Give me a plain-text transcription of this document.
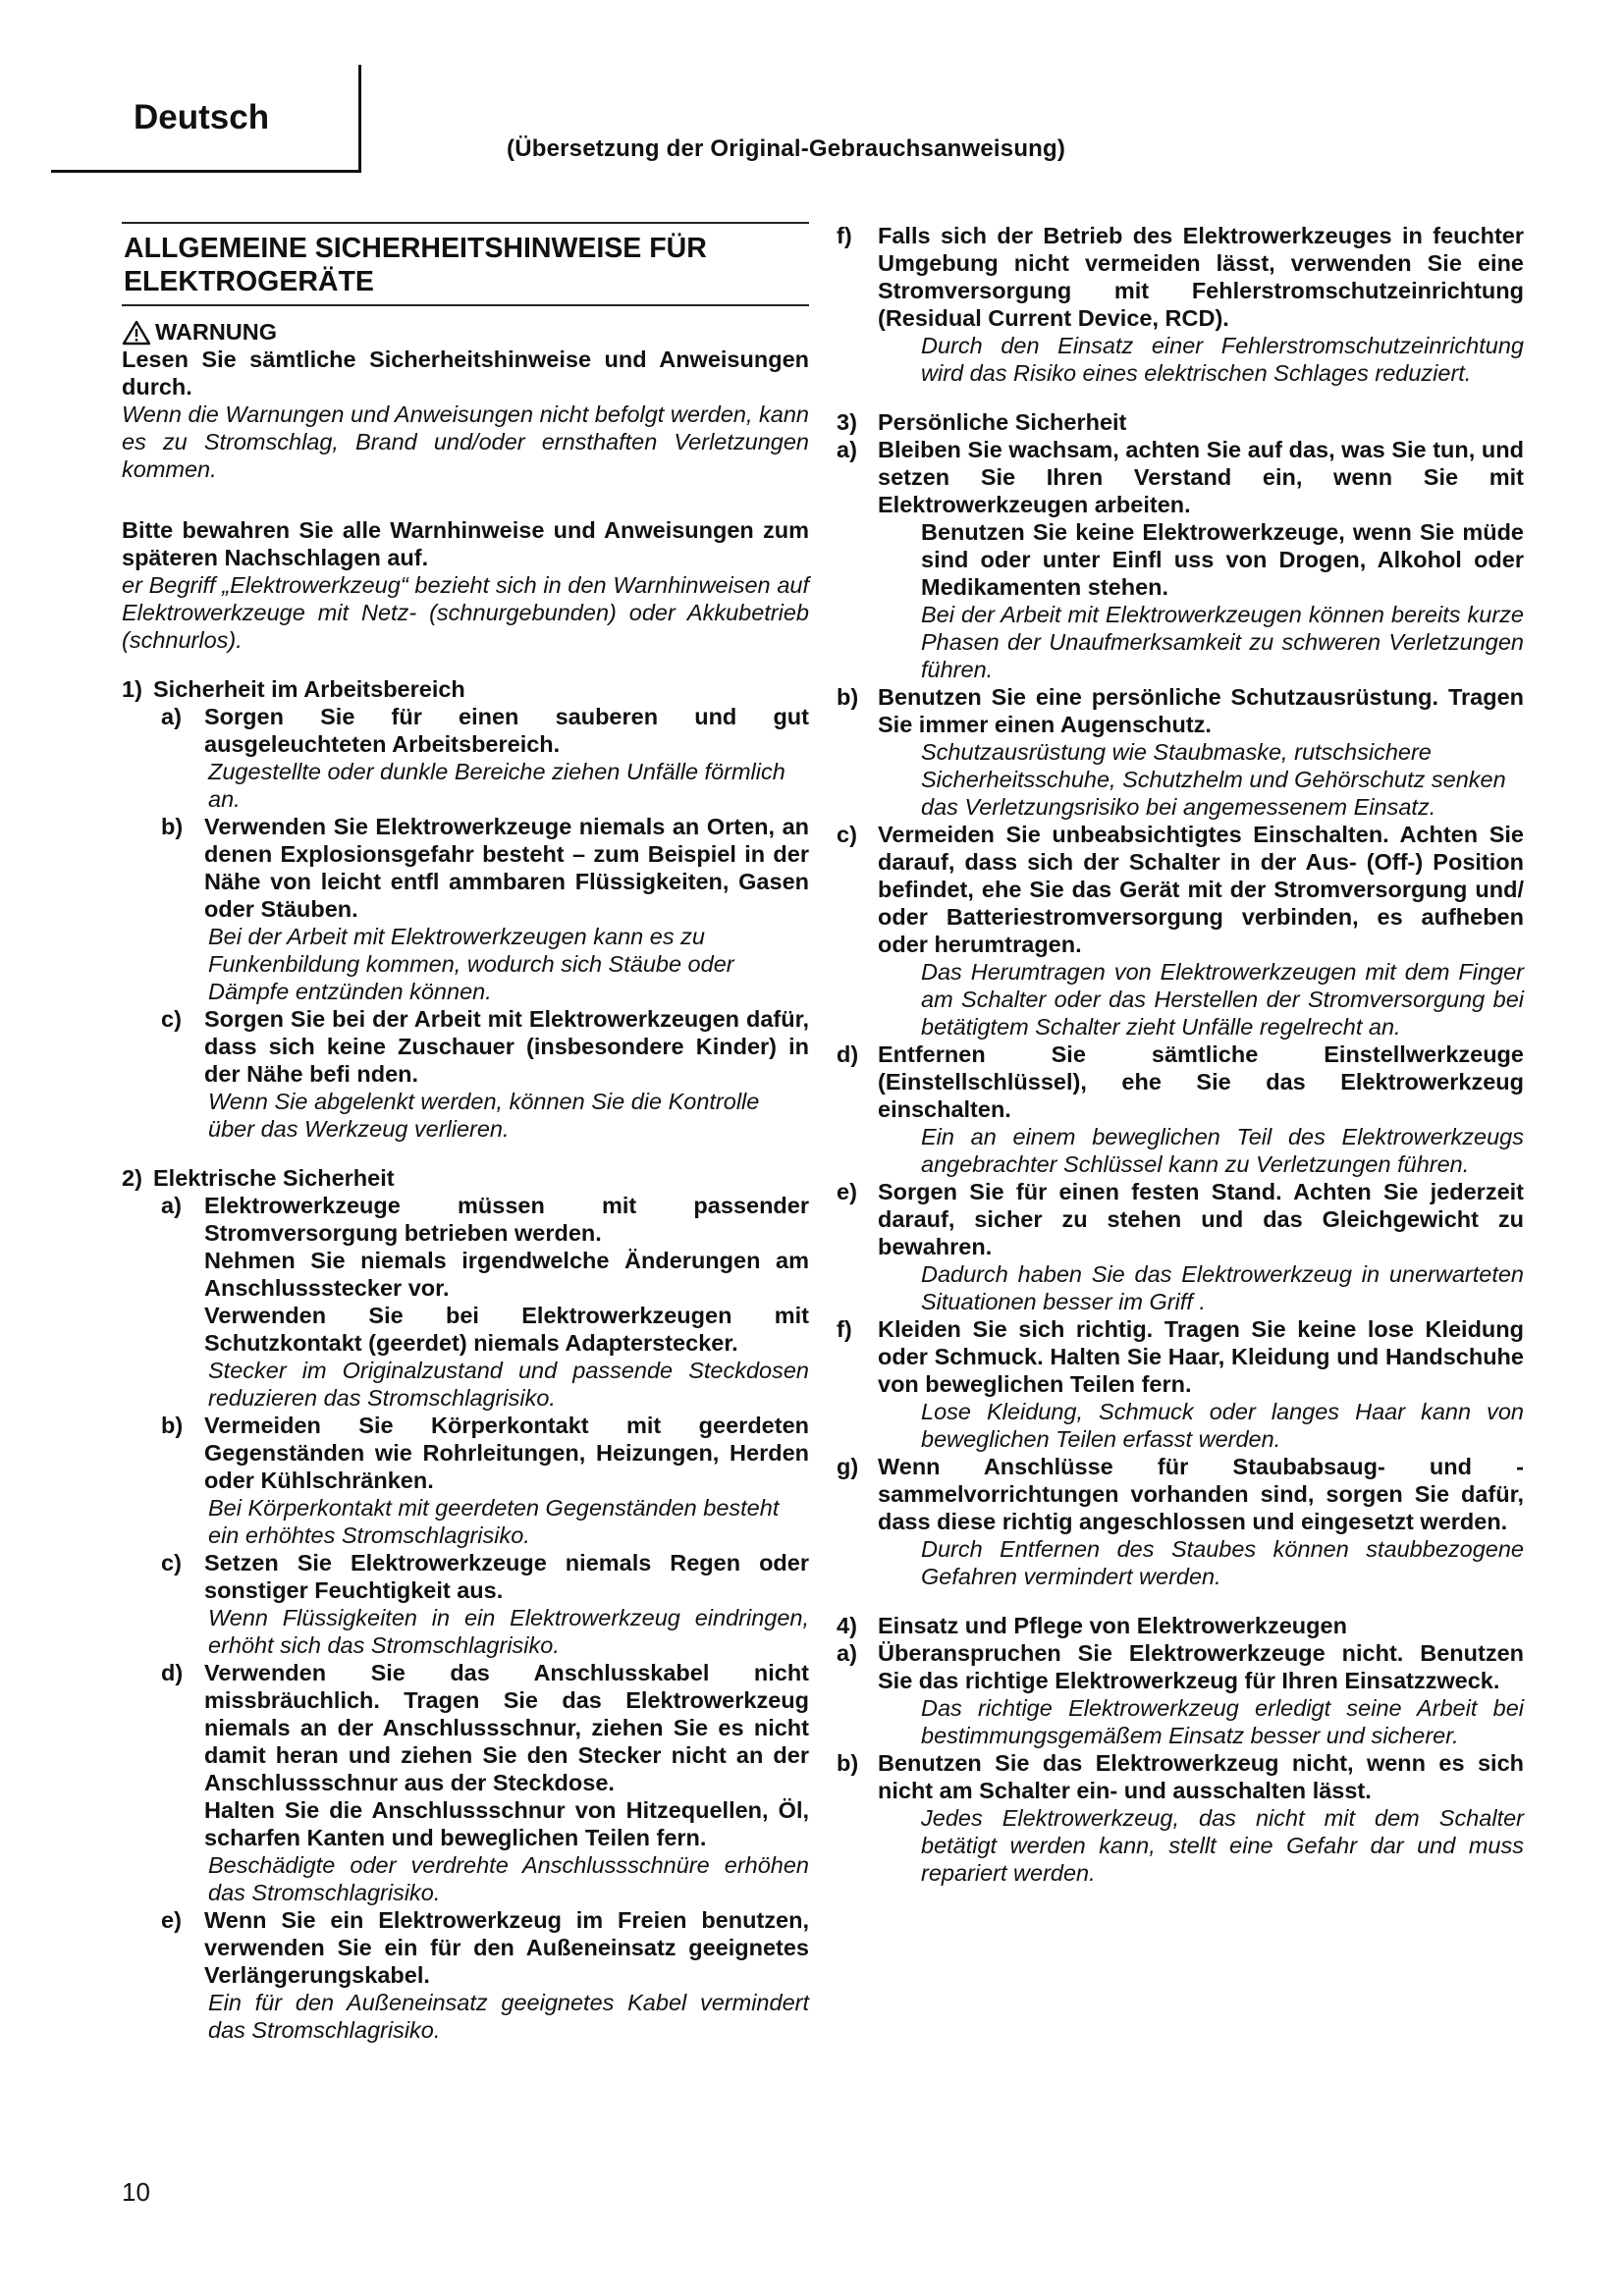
Deutsch
(Übersetzung der Original-Gebrauchsanweisung)
ALLGEMEINE SICHERHEITSHINWEISE FÜR ELEKTROGERÄTE
WARNUNG
Lesen Sie sämtliche Sicherheitshinweise und Anweisungen durch.
Wenn die Warnungen und Anweisungen nicht befolgt werden, kann es zu Stromschlag, Brand und/oder ernsthaften Verletzungen kommen.
Bitte bewahren Sie alle Warnhinweise und Anweisungen zum späteren Nachschlagen auf.
er Begriff „Elektrowerkzeug“ bezieht sich in den Warnhinweisen auf Elektrowerkzeuge mit Netz- (schnurgebunden) oder Akkubetrieb (schnurlos).
1) Sicherheit im Arbeitsbereich
a) Sorgen Sie für einen sauberen und gut ausgeleuchteten Arbeitsbereich.
Zugestellte oder dunkle Bereiche ziehen Unfälle förmlich an.
b) Verwenden Sie Elektrowerkzeuge niemals an Orten, an denen Explosionsgefahr besteht – zum Beispiel in der Nähe von leicht entfl ammbaren Flüssigkeiten, Gasen oder Stäuben.
Bei der Arbeit mit Elektrowerkzeugen kann es zu Funkenbildung kommen, wodurch sich Stäube oder Dämpfe entzünden können.
c) Sorgen Sie bei der Arbeit mit Elektrowerkzeugen dafür, dass sich keine Zuschauer (insbesondere Kinder) in der Nähe befi nden.
Wenn Sie abgelenkt werden, können Sie die Kontrolle über das Werkzeug verlieren.
2) Elektrische Sicherheit
a) Elektrowerkzeuge müssen mit passender Stromversorgung betrieben werden.
Nehmen Sie niemals irgendwelche Änderungen am Anschlussstecker vor.
Verwenden Sie bei Elektrowerkzeugen mit Schutzkontakt (geerdet) niemals Adapterstecker.
Stecker im Originalzustand und passende Steckdosen reduzieren das Stromschlagrisiko.
b) Vermeiden Sie Körperkontakt mit geerdeten Gegenständen wie Rohrleitungen, Heizungen, Herden oder Kühlschränken.
Bei Körperkontakt mit geerdeten Gegenständen besteht ein erhöhtes Stromschlagrisiko.
c) Setzen Sie Elektrowerkzeuge niemals Regen oder sonstiger Feuchtigkeit aus.
Wenn Flüssigkeiten in ein Elektrowerkzeug eindringen, erhöht sich das Stromschlagrisiko.
d) Verwenden Sie das Anschlusskabel nicht missbräuchlich. Tragen Sie das Elektrowerkzeug niemals an der Anschlussschnur, ziehen Sie es nicht damit heran und ziehen Sie den Stecker nicht an der Anschlussschnur aus der Steckdose.
Halten Sie die Anschlussschnur von Hitzequellen, Öl, scharfen Kanten und beweglichen Teilen fern.
Beschädigte oder verdrehte Anschlussschnüre erhöhen das Stromschlagrisiko.
e) Wenn Sie ein Elektrowerkzeug im Freien benutzen, verwenden Sie ein für den Außeneinsatz geeignetes Verlängerungskabel.
Ein für den Außeneinsatz geeignetes Kabel vermindert das Stromschlagrisiko.
f)	Falls sich der Betrieb des Elektrowerkzeuges in feuchter Umgebung nicht vermeiden lässt, verwenden Sie eine Stromversorgung mit Fehlerstromschutzeinrichtung (Residual Current Device, RCD).
Durch den Einsatz einer Fehlerstromschutzeinrichtung wird das Risiko eines elektrischen Schlages reduziert.
3) Persönliche Sicherheit
a) Bleiben Sie wachsam, achten Sie auf das, was Sie tun, und setzen Sie Ihren Verstand ein, wenn Sie mit Elektrowerkzeugen arbeiten.
Benutzen Sie keine Elektrowerkzeuge, wenn Sie müde sind oder unter Einfl uss von Drogen, Alkohol oder Medikamenten stehen.
Bei der Arbeit mit Elektrowerkzeugen können bereits kurze Phasen der Unaufmerksamkeit zu schweren Verletzungen führen.
b) Benutzen Sie eine persönliche Schutzausrüstung. Tragen Sie immer einen Augenschutz.
Schutzausrüstung wie Staubmaske, rutschsichere Sicherheitsschuhe, Schutzhelm und Gehörschutz senken das Verletzungsrisiko bei angemessenem Einsatz.
c) Vermeiden Sie unbeabsichtigtes Einschalten. Achten Sie darauf, dass sich der Schalter in der Aus- (Off-) Position befindet, ehe Sie das Gerät mit der Stromversorgung und/ oder Batteriestromversorgung verbinden, es aufheben oder herumtragen.
Das Herumtragen von Elektrowerkzeugen mit dem Finger am Schalter oder das Herstellen der Stromversorgung bei betätigtem Schalter zieht Unfälle regelrecht an.
d) Entfernen Sie sämtliche Einstellwerkzeuge (Einstellschlüssel), ehe Sie das Elektrowerkzeug einschalten.
Ein an einem beweglichen Teil des Elektrowerkzeugs angebrachter Schlüssel kann zu Verletzungen führen.
e) Sorgen Sie für einen festen Stand. Achten Sie jederzeit darauf, sicher zu stehen und das Gleichgewicht zu bewahren.
Dadurch haben Sie das Elektrowerkzeug in unerwarteten Situationen besser im Griff .
f)	Kleiden Sie sich richtig. Tragen Sie keine lose Kleidung oder Schmuck. Halten Sie Haar, Kleidung und Handschuhe von beweglichen Teilen fern.
Lose Kleidung, Schmuck oder langes Haar kann von beweglichen Teilen erfasst werden.
g) Wenn Anschlüsse für Staubabsaug- und -sammelvorrichtungen vorhanden sind, sorgen Sie dafür, dass diese richtig angeschlossen und eingesetzt werden.
Durch Entfernen des Staubes können staubbezogene Gefahren vermindert werden.
4) Einsatz und Pflege von Elektrowerkzeugen
a) Überanspruchen Sie Elektrowerkzeuge nicht. Benutzen Sie das richtige Elektrowerkzeug für Ihren Einsatzzweck.
Das richtige Elektrowerkzeug erledigt seine Arbeit bei bestimmungsgemäßem Einsatz besser und sicherer.
b) Benutzen Sie das Elektrowerkzeug nicht, wenn es sich nicht am Schalter ein- und ausschalten lässt.
Jedes Elektrowerkzeug, das nicht mit dem Schalter betätigt werden kann, stellt eine Gefahr dar und muss repariert werden.
10
